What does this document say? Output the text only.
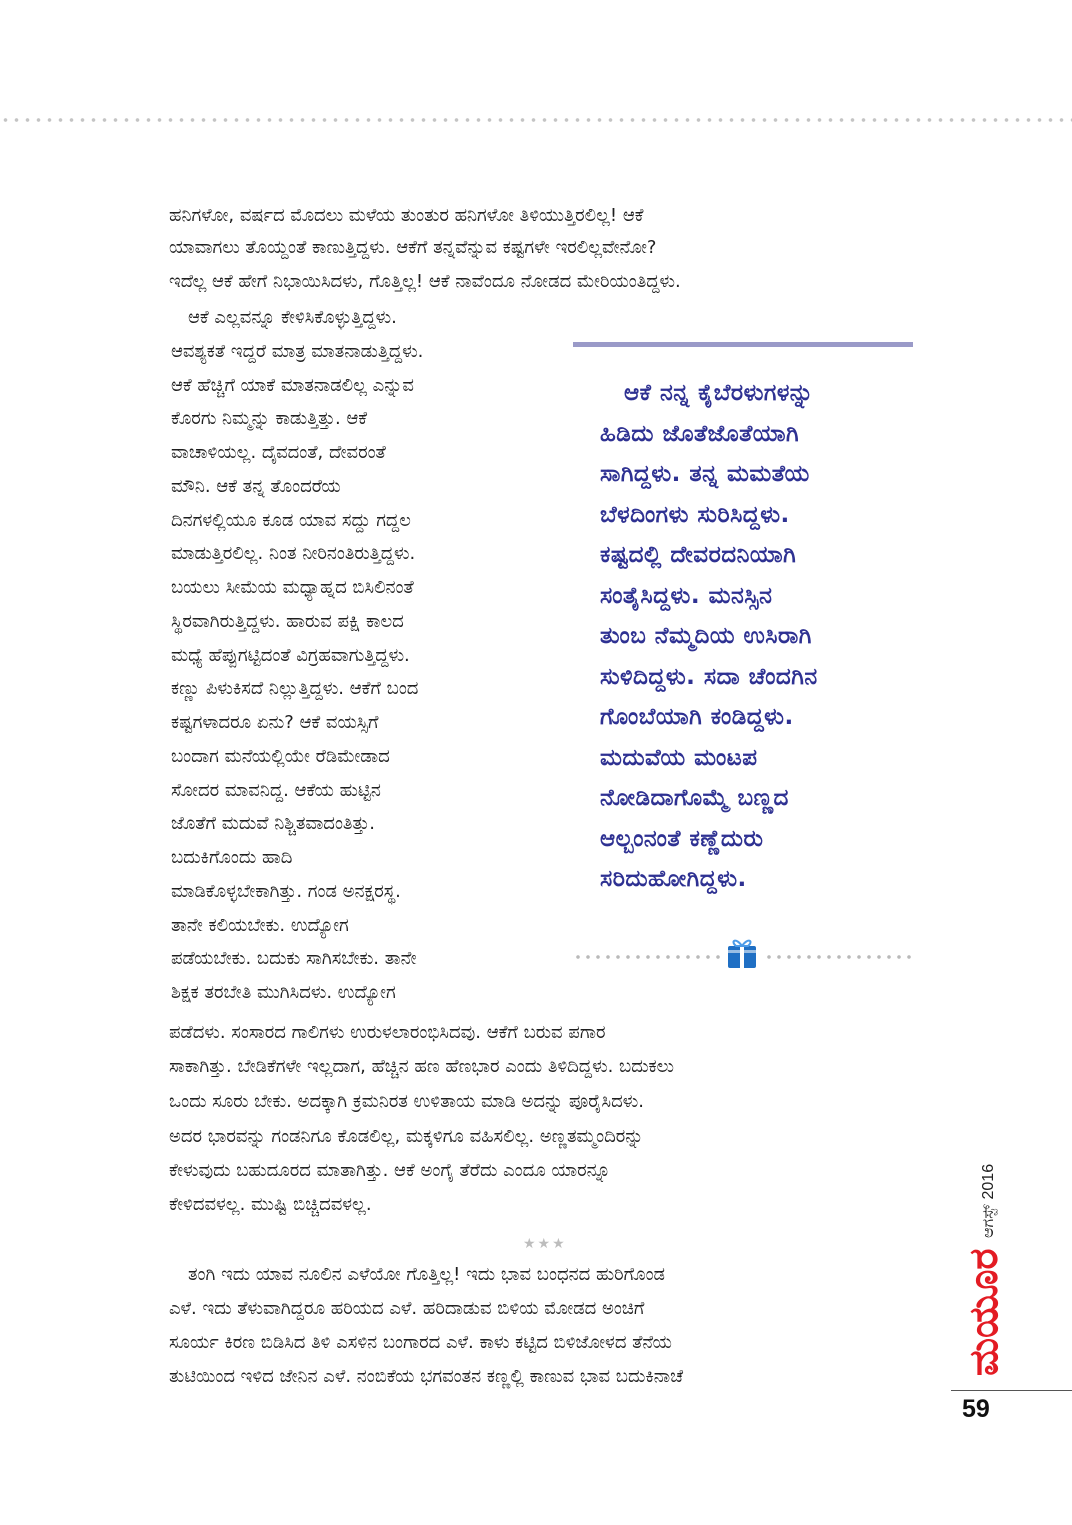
ಹನಿಗಳೋ, ವರ್ಷದ ಮೊದಲು ಮಳೆಯ ತುಂತುರ ಹನಿಗಳೋ ತಿಳಿಯುತ್ತಿರಲಿಲ್ಲ! ಆಕೆ
ಯಾವಾಗಲು ತೊಯ್ದಂತೆ ಕಾಣುತ್ತಿದ್ದಳು. ಆಕೆಗೆ ತನ್ನವೆನ್ನುವ ಕಷ್ಟಗಳೇ ಇರಲಿಲ್ಲವೇನೋ?
ಇದೆಲ್ಲ ಆಕೆ ಹೇಗೆ ನಿಭಾಯಿಸಿದಳು, ಗೊತ್ತಿಲ್ಲ! ಆಕೆ ನಾವೆಂದೂ ನೋಡದ ಮೇರಿಯಂತಿದ್ದಳು.
ಆಕೆ ಎಲ್ಲವನ್ನೂ ಕೇಳಿಸಿಕೊಳ್ಳುತ್ತಿದ್ದಳು.
ಆವಶ್ಯಕತೆ ಇದ್ದರೆ ಮಾತ್ರ ಮಾತನಾಡುತ್ತಿದ್ದಳು.
ಆಕೆ ಹೆಚ್ಚಿಗೆ ಯಾಕೆ ಮಾತನಾಡಲಿಲ್ಲ ಎನ್ನುವ
ಕೊರಗು ನಿಮ್ಮನ್ನು ಕಾಡುತ್ತಿತ್ತು. ಆಕೆ
ವಾಚಾಳಿಯಲ್ಲ. ದೈವದಂತೆ, ದೇವರಂತೆ
ಮೌನಿ. ಆಕೆ ತನ್ನ ತೊಂದರೆಯ
ದಿನಗಳಲ್ಲಿಯೂ ಕೂಡ ಯಾವ ಸದ್ದು ಗದ್ದಲ
ಮಾಡುತ್ತಿರಲಿಲ್ಲ. ನಿಂತ ನೀರಿನಂತಿರುತ್ತಿದ್ದಳು.
ಬಯಲು ಸೀಮೆಯ ಮಧ್ಯಾಹ್ನದ ಬಿಸಿಲಿನಂತೆ
ಸ್ಥಿರವಾಗಿರುತ್ತಿದ್ದಳು. ಹಾರುವ ಪಕ್ಷಿ ಕಾಲದ
ಮಧ್ಯೆ ಹೆಪ್ಪುಗಟ್ಟಿದಂತೆ ವಿಗ್ರಹವಾಗುತ್ತಿದ್ದಳು.
ಕಣ್ಣು ಪಿಳುಕಿಸದೆ ನಿಲ್ಲುತ್ತಿದ್ದಳು. ಆಕೆಗೆ ಬಂದ
ಕಷ್ಟಗಳಾದರೂ ಏನು? ಆಕೆ ವಯಸ್ಸಿಗೆ
ಬಂದಾಗ ಮನೆಯಲ್ಲಿಯೇ ರೆಡಿಮೇಡಾದ
ಸೋದರ ಮಾವನಿದ್ದ. ಆಕೆಯ ಹುಟ್ಟಿನ
ಜೊತೆಗೆ ಮದುವೆ ನಿಶ್ಚಿತವಾದಂತಿತ್ತು.
ಬದುಕಿಗೊಂದು ಹಾದಿ
ಮಾಡಿಕೊಳ್ಳಬೇಕಾಗಿತ್ತು. ಗಂಡ ಅನಕ್ಷರಸ್ಥ.
ತಾನೇ ಕಲಿಯಬೇಕು. ಉದ್ಯೋಗ
ಪಡೆಯಬೇಕು. ಬದುಕು ಸಾಗಿಸಬೇಕು. ತಾನೇ
ಶಿಕ್ಷಕ ತರಬೇತಿ ಮುಗಿಸಿದಳು. ಉದ್ಯೋಗ
ಆಕೆ ನನ್ನ ಕೈಬೆರಳುಗಳನ್ನು
ಹಿಡಿದು ಜೊತೆಜೊತೆಯಾಗಿ
ಸಾಗಿದ್ದಳು. ತನ್ನ ಮಮತೆಯ
ಬೆಳದಿಂಗಳು ಸುರಿಸಿದ್ದಳು.
ಕಷ್ಟದಲ್ಲಿ ದೇವರದನಿಯಾಗಿ
ಸಂತೈಸಿದ್ದಳು. ಮನಸ್ಸಿನ
ತುಂಬ ನೆಮ್ಮದಿಯ ಉಸಿರಾಗಿ
ಸುಳಿದಿದ್ದಳು. ಸದಾ ಚೆಂದಗಿನ
ಗೊಂಬೆಯಾಗಿ ಕಂಡಿದ್ದಳು.
ಮದುವೆಯ ಮಂಟಪ
ನೋಡಿದಾಗೊಮ್ಮೆ ಬಣ್ಣದ
ಆಲ್ಬಂನಂತೆ ಕಣ್ಣೆದುರು
ಸರಿದುಹೋಗಿದ್ದಳು.
ಪಡೆದಳು. ಸಂಸಾರದ ಗಾಲಿಗಳು ಉರುಳಲಾರಂಭಿಸಿದವು. ಆಕೆಗೆ ಬರುವ ಪಗಾರ
ಸಾಕಾಗಿತ್ತು. ಬೇಡಿಕೆಗಳೇ ಇಲ್ಲದಾಗ, ಹೆಚ್ಚಿನ ಹಣ ಹೆಣಭಾರ ಎಂದು ತಿಳಿದಿದ್ದಳು. ಬದುಕಲು
ಒಂದು ಸೂರು ಬೇಕು. ಅದಕ್ಕಾಗಿ ಕ್ರಮನಿರತ ಉಳಿತಾಯ ಮಾಡಿ ಅದನ್ನು ಪೂರೈಸಿದಳು.
ಅದರ ಭಾರವನ್ನು ಗಂಡನಿಗೂ ಕೊಡಲಿಲ್ಲ, ಮಕ್ಕಳಿಗೂ ವಹಿಸಲಿಲ್ಲ. ಅಣ್ಣತಮ್ಮಂದಿರನ್ನು
ಕೇಳುವುದು ಬಹುದೂರದ ಮಾತಾಗಿತ್ತು. ಆಕೆ ಅಂಗೈ ತೆರೆದು ಎಂದೂ ಯಾರನ್ನೂ
ಕೇಳಿದವಳಲ್ಲ. ಮುಷ್ಟಿ ಬಿಚ್ಚಿದವಳಲ್ಲ.
★★★
ತಂಗಿ ಇದು ಯಾವ ನೂಲಿನ ಎಳೆಯೋ ಗೊತ್ತಿಲ್ಲ! ಇದು ಭಾವ ಬಂಧನದ ಹುರಿಗೊಂಡ
ಎಳೆ. ಇದು ತೆಳುವಾಗಿದ್ದರೂ ಹರಿಯದ ಎಳೆ. ಹರಿದಾಡುವ ಬಿಳಿಯ ಮೋಡದ ಅಂಚಿಗೆ
ಸೂರ್ಯ ಕಿರಣ ಬಿಡಿಸಿದ ತಿಳಿ ಎಸಳಿನ ಬಂಗಾರದ ಎಳೆ. ಕಾಳು ಕಟ್ಟಿದ ಬಿಳಿಜೋಳದ ತೆನೆಯ
ತುಟಿಯಿಂದ ಇಳಿದ ಜೇನಿನ ಎಳೆ. ನಂಬಿಕೆಯ ಭಗವಂತನ ಕಣ್ಣಲ್ಲಿ ಕಾಣುವ ಭಾವ ಬದುಕಿನಾಚೆ
ಆಗಸ್ಟ್ 2016
ಮಯೂರ
59
